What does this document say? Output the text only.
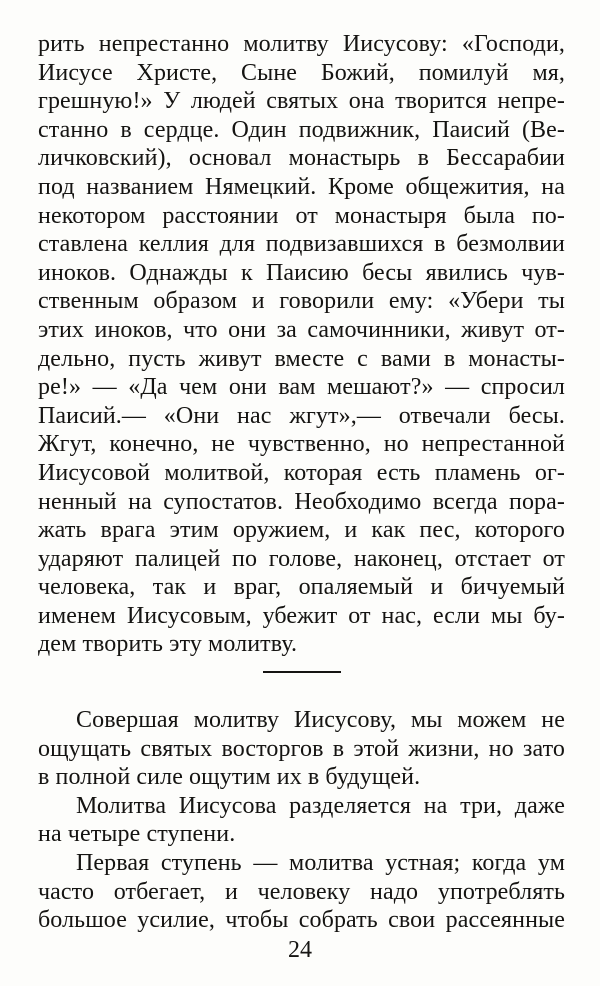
рить непрестанно молитву Иисусову: «Господи,
Иисусе Христе, Сыне Божий, помилуй мя,
грешную!» У людей святых она творится непре-
станно в сердце. Один подвижник, Паисий (Ве-
личковский), основал монастырь в Бессарабии
под названием Нямецкий. Кроме общежития, на
некотором расстоянии от монастыря была по-
ставлена келлия для подвизавшихся в безмолвии
иноков. Однажды к Паисию бесы явились чув-
ственным образом и говорили ему: «Убери ты
этих иноков, что они за самочинники, живут от-
дельно, пусть живут вместе с вами в монасты-
ре!» — «Да чем они вам мешают?» — спросил
Паисий.— «Они нас жгут»,— отвечали бесы.
Жгут, конечно, не чувственно, но непрестанной
Иисусовой молитвой, которая есть пламень ог-
ненный на супостатов. Необходимо всегда пора-
жать врага этим оружием, и как пес, которого
ударяют палицей по голове, наконец, отстает от
человека, так и враг, опаляемый и бичуемый
именем Иисусовым, убежит от нас, если мы бу-
дем творить эту молитву.
Совершая молитву Иисусову, мы можем не
ощущать святых восторгов в этой жизни, но зато
в полной силе ощутим их в будущей.
Молитва Иисусова разделяется на три, даже
на четыре ступени.
Первая ступень — молитва устная; когда ум
часто отбегает, и человеку надо употреблять
большое усилие, чтобы собрать свои рассеянные
24
